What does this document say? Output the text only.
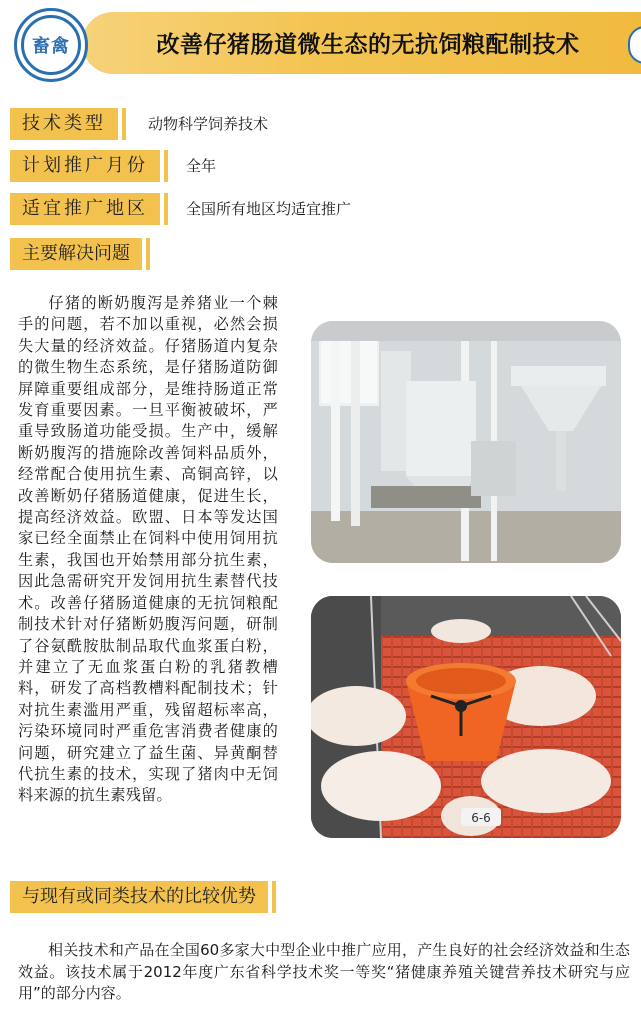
畜禽	改善仔猪肠道微生态的无抗饲粮配制技术
技术类型	动物科学饲养技术
计划推广月份	全年
适宜推广地区	全国所有地区均适宜推广
主要解决问题
仔猪的断奶腹泻是养猪业一个棘手的问题，若不加以重视，必然会损失大量的经济效益。仔猪肠道内复杂的微生物生态系统，是仔猪肠道防御屏障重要组成部分，是维持肠道正常发育重要因素。一旦平衡被破坏，严重导致肠道功能受损。生产中，缓解断奶腹泻的措施除改善饲料品质外，经常配合使用抗生素、高铜高锌，以改善断奶仔猪肠道健康，促进生长，提高经济效益。欧盟、日本等发达国家已经全面禁止在饲料中使用饲用抗生素，我国也开始禁用部分抗生素，因此急需研究开发饲用抗生素替代技术。改善仔猪肠道健康的无抗饲粮配制技术针对仔猪断奶腹泻问题，研制了谷氨酰胺肽制品取代血浆蛋白粉，并建立了无血浆蛋白粉的乳猪教槽料，研发了高档教槽料配制技术；针对抗生素滥用严重，残留超标率高，污染环境同时严重危害消费者健康的问题，研究建立了益生菌、异黄酮替代抗生素的技术，实现了猪肉中无饲料来源的抗生素残留。
6-6
与现有或同类技术的比较优势
相关技术和产品在全国60多家大中型企业中推广应用，产生良好的社会经济效益和生态效益。该技术属于2012年度广东省科学技术奖一等奖“猪健康养殖关键营养技术研究与应用”的部分内容。
